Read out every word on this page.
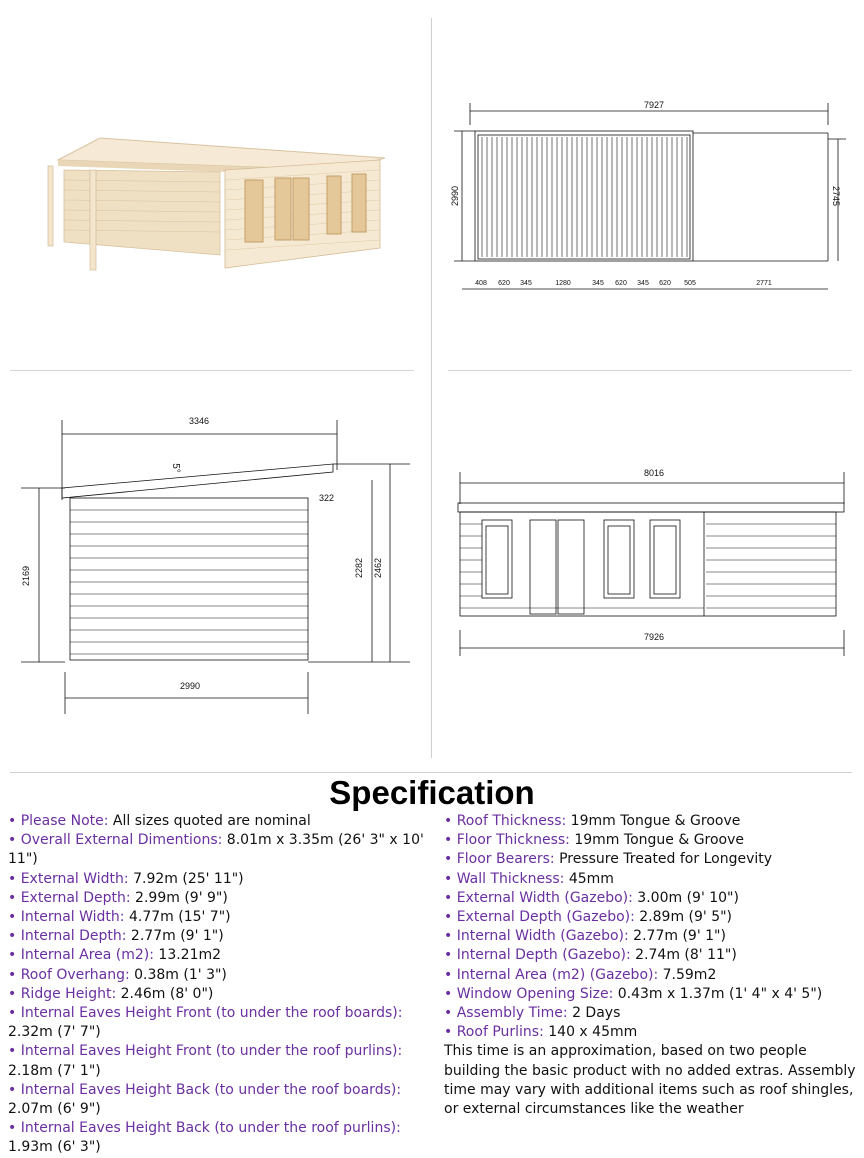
7927
2990	2745
408 620 345	1280	345 620 345 620 505	2771
3346
5°
322
2169	2282 2462
2990
8016
7926
Specification
• Please Note: All sizes quoted are nominal
• Overall External Dimentions: 8.01m x 3.35m (26' 3" x 10' 11")
• External Width: 7.92m (25' 11")
• External Depth: 2.99m (9' 9")
• Internal Width: 4.77m (15' 7")
• Internal Depth: 2.77m (9' 1")
• Internal Area (m2): 13.21m2
• Roof Overhang: 0.38m (1' 3")
• Ridge Height: 2.46m (8' 0")
• Internal Eaves Height Front (to under the roof boards): 2.32m (7' 7")
• Internal Eaves Height Front (to under the roof purlins): 2.18m (7' 1")
• Internal Eaves Height Back (to under the roof boards): 2.07m (6' 9")
• Internal Eaves Height Back (to under the roof purlins): 1.93m (6' 3")
• Roof Thickness: 19mm Tongue & Groove
• Floor Thickness: 19mm Tongue & Groove
• Floor Bearers: Pressure Treated for Longevity
• Wall Thickness: 45mm
• External Width (Gazebo): 3.00m (9' 10")
• External Depth (Gazebo): 2.89m (9' 5")
• Internal Width (Gazebo): 2.77m (9' 1")
• Internal Depth (Gazebo): 2.74m (8' 11")
• Internal Area (m2) (Gazebo): 7.59m2
• Window Opening Size: 0.43m x 1.37m (1' 4" x 4' 5")
• Assembly Time: 2 Days
• Roof Purlins: 140 x 45mm
This time is an approximation, based on two people building the basic product with no added extras. Assembly time may vary with additional items such as roof shingles, or external circumstances like the weather
